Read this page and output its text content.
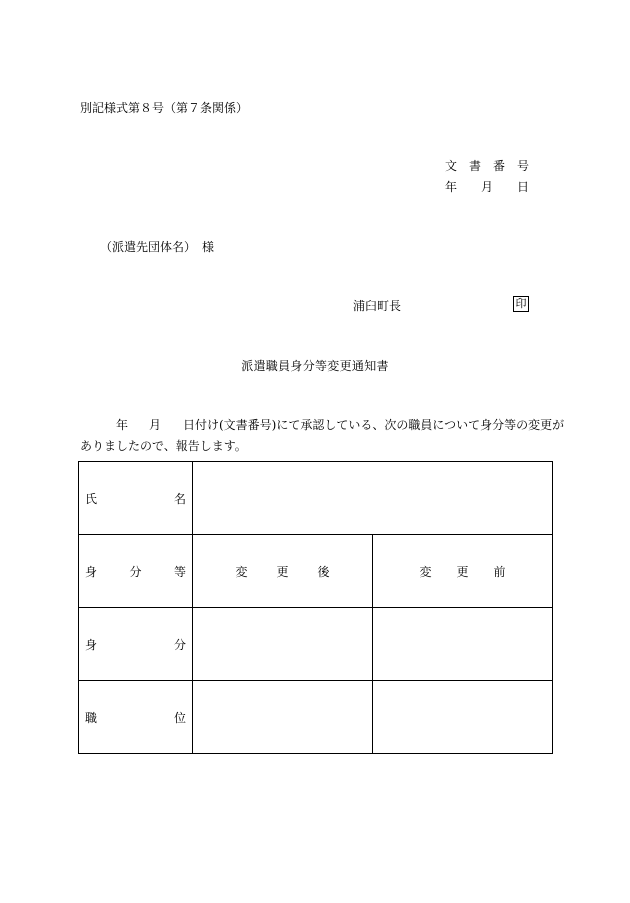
別記様式第８号（第７条関係）
文 書 番 号
年 月 日
（派遣先団体名）　様
浦臼町長	印
派遣職員身分等変更通知書
年 月 日付け(文書番号)にて承認している、次の職員について身分等の変更が
ありましたので、報告します。
氏 名		

身 分 等	変 更 後	変 更 前

身 分		

職 位		
